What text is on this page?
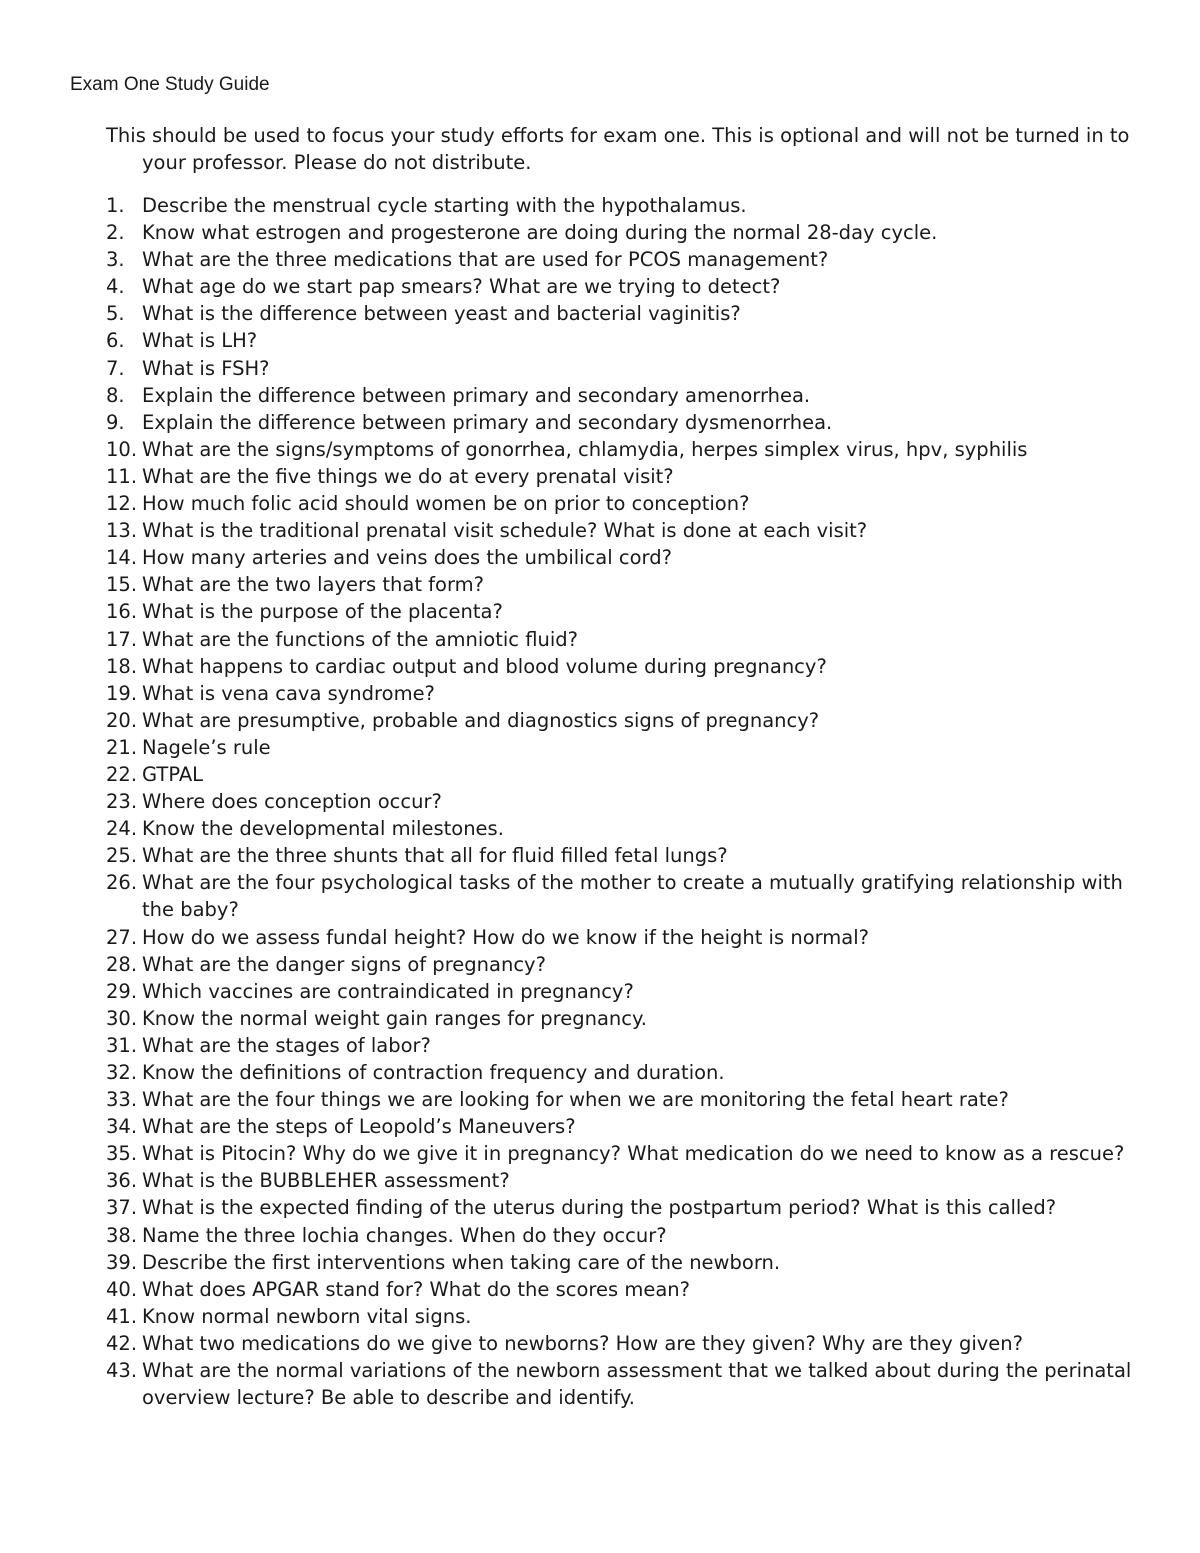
Exam One Study Guide
This should be used to focus your study efforts for exam one. This is optional and will not be turned in to your professor. Please do not distribute.
1. Describe the menstrual cycle starting with the hypothalamus.
2. Know what estrogen and progesterone are doing during the normal 28-day cycle.
3. What are the three medications that are used for PCOS management?
4. What age do we start pap smears? What are we trying to detect?
5. What is the difference between yeast and bacterial vaginitis?
6. What is LH?
7. What is FSH?
8. Explain the difference between primary and secondary amenorrhea.
9. Explain the difference between primary and secondary dysmenorrhea.
10. What are the signs/symptoms of gonorrhea, chlamydia, herpes simplex virus, hpv, syphilis
11. What are the five things we do at every prenatal visit?
12. How much folic acid should women be on prior to conception?
13. What is the traditional prenatal visit schedule? What is done at each visit?
14. How many arteries and veins does the umbilical cord?
15. What are the two layers that form?
16. What is the purpose of the placenta?
17. What are the functions of the amniotic fluid?
18. What happens to cardiac output and blood volume during pregnancy?
19. What is vena cava syndrome?
20. What are presumptive, probable and diagnostics signs of pregnancy?
21. Nagele’s rule
22. GTPAL
23. Where does conception occur?
24. Know the developmental milestones.
25. What are the three shunts that all for fluid filled fetal lungs?
26. What are the four psychological tasks of the mother to create a mutually gratifying relationship with the baby?
27. How do we assess fundal height? How do we know if the height is normal?
28. What are the danger signs of pregnancy?
29. Which vaccines are contraindicated in pregnancy?
30. Know the normal weight gain ranges for pregnancy.
31. What are the stages of labor?
32. Know the definitions of contraction frequency and duration.
33. What are the four things we are looking for when we are monitoring the fetal heart rate?
34. What are the steps of Leopold’s Maneuvers?
35. What is Pitocin? Why do we give it in pregnancy? What medication do we need to know as a rescue?
36. What is the BUBBLEHER assessment?
37. What is the expected finding of the uterus during the postpartum period? What is this called?
38. Name the three lochia changes. When do they occur?
39. Describe the first interventions when taking care of the newborn.
40. What does APGAR stand for? What do the scores mean?
41. Know normal newborn vital signs.
42. What two medications do we give to newborns? How are they given? Why are they given?
43. What are the normal variations of the newborn assessment that we talked about during the perinatal overview lecture? Be able to describe and identify.
